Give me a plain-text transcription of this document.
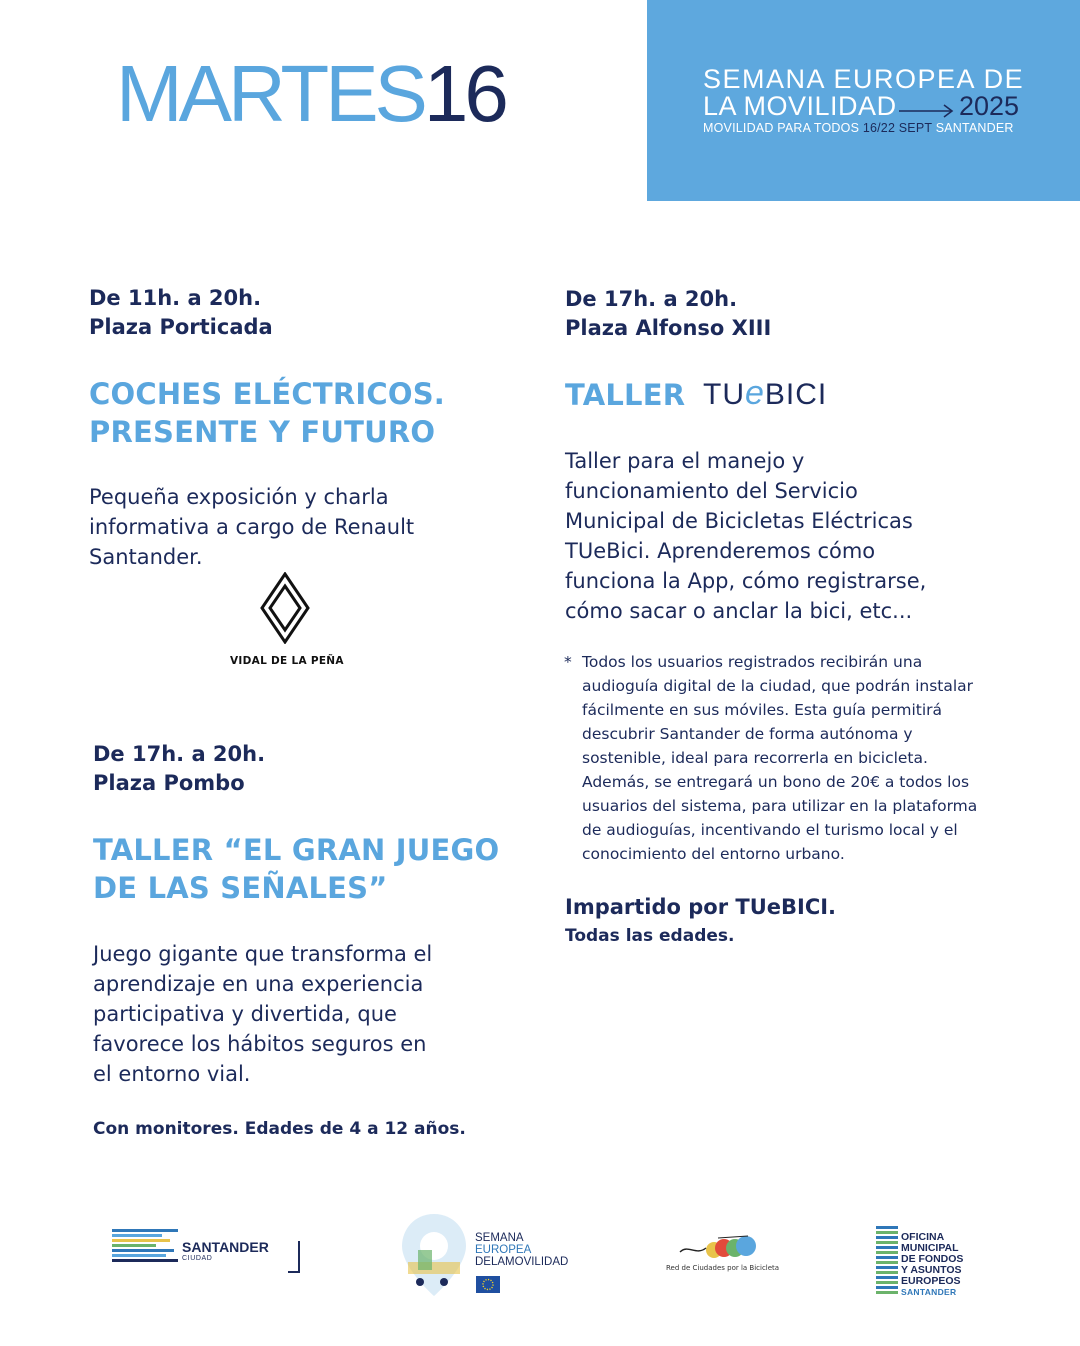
MARTES16	SEMANA EUROPEA DE
LA MOVILIDAD 2025
MOVILIDAD PARA TODOS 16/22 SEPT SANTANDER
De 11h. a 20h.
Plaza Porticada
COCHES ELÉCTRICOS.
PRESENTE Y FUTURO
Pequeña exposición y charla
informativa a cargo de Renault
Santander.
VIDAL DE LA PEÑA
De 17h. a 20h.
Plaza Pombo
TALLER “EL GRAN JUEGO
DE LAS SEÑALES”
Juego gigante que transforma el
aprendizaje en una experiencia
participativa y divertida, que
favorece los hábitos seguros en
el entorno vial.
Con monitores. Edades de 4 a 12 años.
De 17h. a 20h.
Plaza Alfonso XIII
TALLER TUeBICI
Taller para el manejo y
funcionamiento del Servicio
Municipal de Bicicletas Eléctricas
TUeBici. Aprenderemos cómo
funciona la App, cómo registrarse,
cómo sacar o anclar la bici, etc...
* Todos los usuarios registrados recibirán una
audioguía digital de la ciudad, que podrán instalar
fácilmente en sus móviles. Esta guía permitirá
descubrir Santander de forma autónoma y
sostenible, ideal para recorrerla en bicicleta.
Además, se entregará un bono de 20€ a todos los
usuarios del sistema, para utilizar en la plataforma
de audioguías, incentivando el turismo local y el
conocimiento del entorno urbano.
Impartido por TUeBICI.
Todas las edades.
SANTANDER
CIUDAD
SEMANA
EUROPEA
DELAMOVILIDAD	Red de Ciudades por la Bicicleta
OFICINA
MUNICIPAL
DE FONDOS
Y ASUNTOS
EUROPEOS
SANTANDER
